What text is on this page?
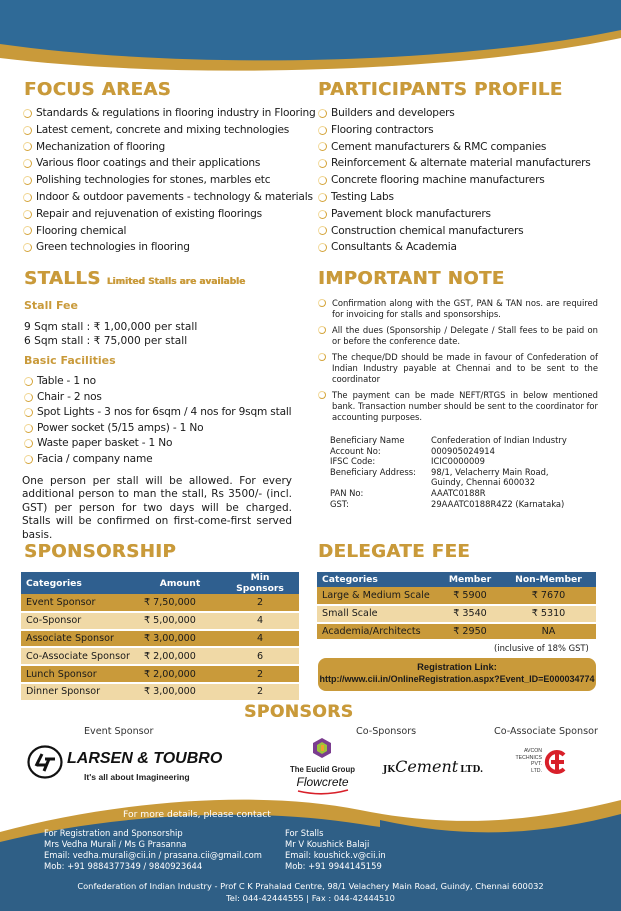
FOCUS AREAS
Standards & regulations in flooring industry in Flooring
Latest cement, concrete and mixing technologies
Mechanization of flooring
Various floor coatings and their applications
Polishing technologies for stones, marbles etc
Indoor & outdoor pavements - technology & materials
Repair and rejuvenation of existing floorings
Flooring chemical
Green technologies in flooring
PARTICIPANTS PROFILE
Builders and developers
Flooring contractors
Cement manufacturers & RMC companies
Reinforcement & alternate material manufacturers
Concrete flooring machine manufacturers
Testing Labs
Pavement block manufacturers
Construction chemical manufacturers
Consultants & Academia
STALLS Limited Stalls are available
Stall Fee
9 Sqm stall : ₹ 1,00,000 per stall
6 Sqm stall : ₹ 75,000 per stall
Basic Facilities
Table - 1 no
Chair - 2 nos
Spot Lights - 3 nos for 6sqm / 4 nos for 9sqm stall
Power socket (5/15 amps) - 1 No
Waste paper basket - 1 No
Facia / company name
One person per stall will be allowed. For every additional person to man the stall, Rs 3500/- (incl. GST) per person for two days will be charged. Stalls will be confirmed on first-come-first served basis.
IMPORTANT NOTE
Confirmation along with the GST, PAN & TAN nos. are required for invoicing for stalls and sponsorships.
All the dues (Sponsorship / Delegate / Stall fees to be paid on or before the conference date.
The cheque/DD should be made in favour of Confederation of Indian Industry payable at Chennai and to be sent to the coordinator
The payment can be made NEFT/RTGS in below mentioned bank. Transaction number should be sent to the coordinator for accounting purposes.
Beneficiary Name	Confederation of Indian Industry
Account No:	000905024914
IFSC Code:	ICIC0000009
Beneficiary Address:	98/1, Velacherry Main Road,
Guindy, Chennai 600032
PAN No:	AAATC0188R
GST:	29AAATC0188R4Z2 (Karnataka)
SPONSORSHIP
Categories	Amount	Min Sponsors
Event Sponsor	₹ 7,50,000	2
Co-Sponsor	₹ 5,00,000	4
Associate Sponsor	₹ 3,00,000	4
Co-Associate Sponsor	₹ 2,00,000	6
Lunch Sponsor	₹ 2,00,000	2
Dinner Sponsor	₹ 3,00,000	2
DELEGATE FEE
Categories	Member	Non-Member
Large & Medium Scale	₹ 5900	₹ 7670
Small Scale	₹ 3540	₹ 5310
Academia/Architects	₹ 2950	NA
(inclusive of 18% GST)
Registration Link:
http://www.cii.in/OnlineRegistration.aspx?Event_ID=E000034774
SPONSORS
Event Sponsor	Co-Sponsors	Co-Associate Sponsor
LARSEN & TOUBRO
It's all about Imagineering
The Euclid Group
Flowcrete
JKCement LTD.
AVCON
TECHNICS
PVT.
LTD.
For more details, please contact
For Registration and Sponsorship
Mrs Vedha Murali / Ms G Prasanna
Email: vedha.murali@cii.in / prasana.cii@gmail.com
Mob: +91 9884377349 / 9840923644
For Stalls
Mr V Koushick Balaji
Email: koushick.v@cii.in
Mob: +91 9944145159
Confederation of Indian Industry - Prof C K Prahalad Centre, 98/1 Velachery Main Road, Guindy, Chennai 600032
Tel: 044-42444555 | Fax : 044-42444510
